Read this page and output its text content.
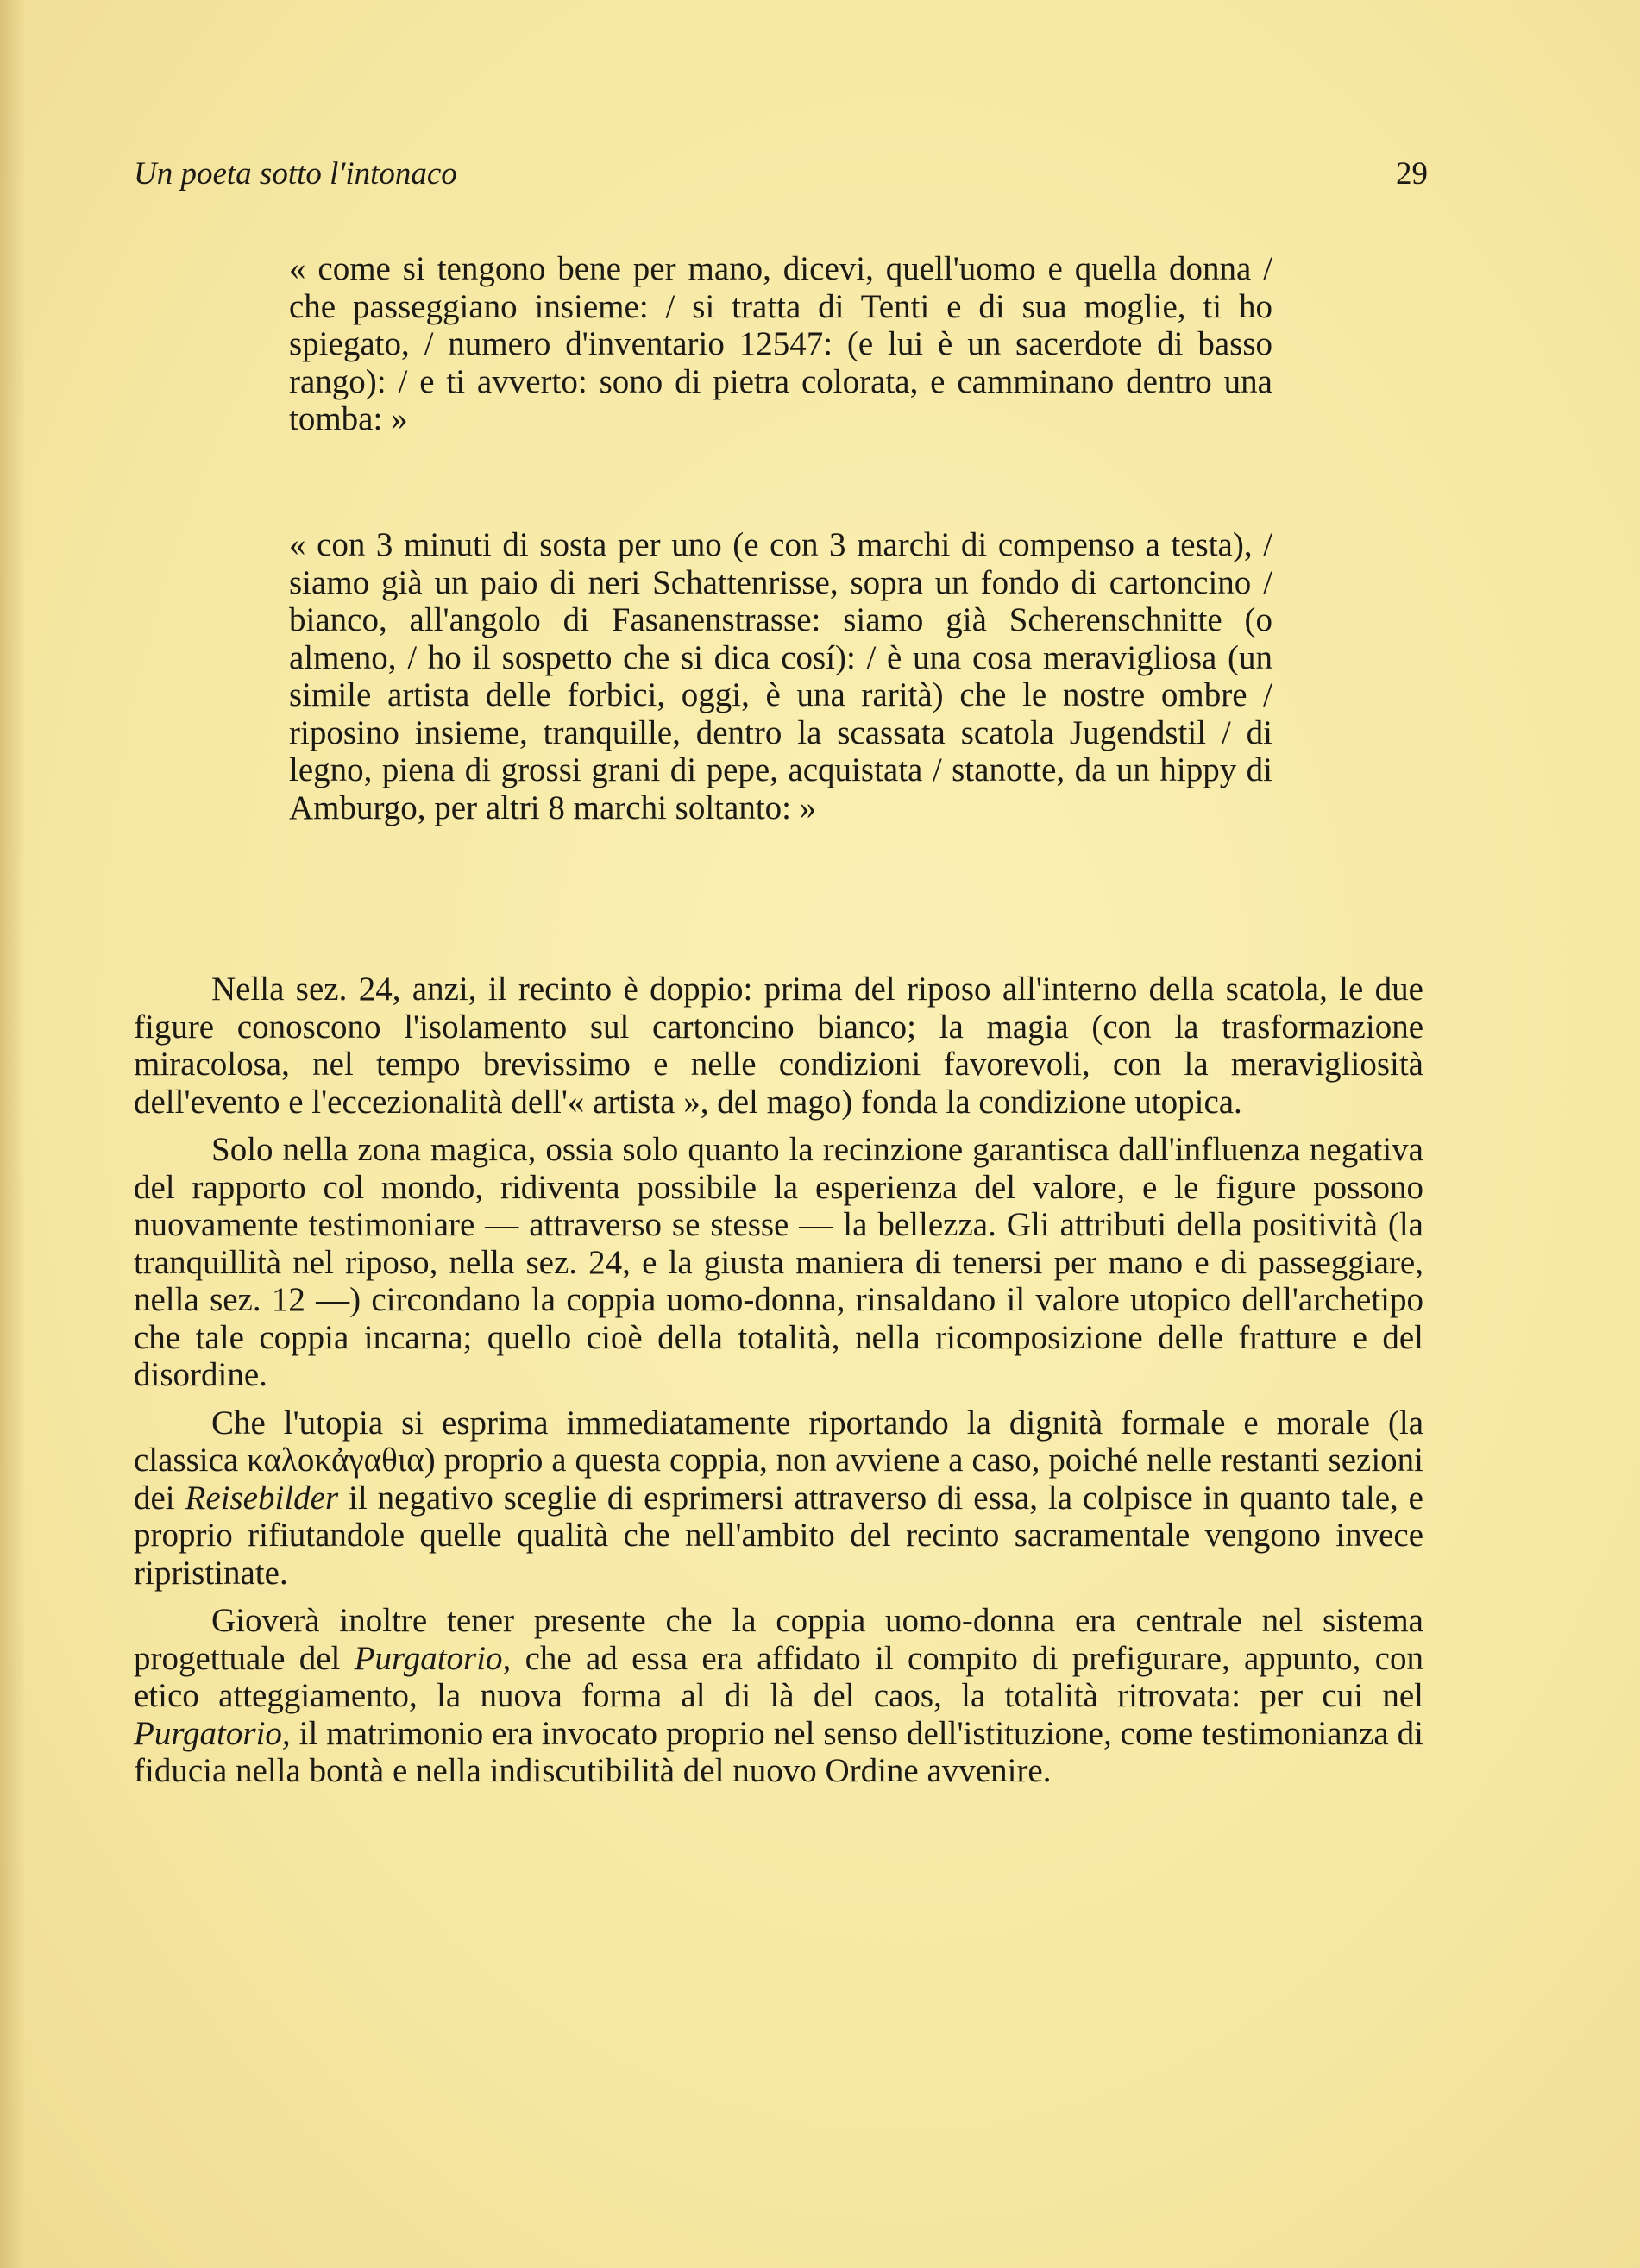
Un poeta sotto l'intonaco	29

« come si tengono bene per mano, dicevi, quell'uomo e quella donna / che passeggiano insieme: / si tratta di Tenti e di sua moglie, ti ho spiegato, / numero d'inventario 12547: (e lui è un sacerdote di basso rango): / e ti avverto: sono di pietra colorata, e camminano dentro una tomba: »

« con 3 minuti di sosta per uno (e con 3 marchi di compenso a testa), / siamo già un paio di neri Schattenrisse, sopra un fondo di cartoncino / bianco, all'angolo di Fasanenstrasse: siamo già Scherenschnitte (o almeno, / ho il sospetto che si dica cosí): / è una cosa meravigliosa (un simile artista delle forbici, oggi, è una rarità) che le nostre ombre / riposino insieme, tranquille, dentro la scassata scatola Jugendstil / di legno, piena di grossi grani di pepe, acquistata / stanotte, da un hippy di Amburgo, per altri 8 marchi soltanto: »

Nella sez. 24, anzi, il recinto è doppio: prima del riposo all'interno della scatola, le due figure conoscono l'isolamento sul cartoncino bianco; la magia (con la trasformazione miracolosa, nel tempo brevissimo e nelle condizioni favorevoli, con la meravigliosità dell'evento e l'eccezionalità dell'« artista », del mago) fonda la condizione utopica.

Solo nella zona magica, ossia solo quanto la recinzione garantisca dall'influenza negativa del rapporto col mondo, ridiventa possibile la esperienza del valore, e le figure possono nuovamente testimoniare — attraverso se stesse — la bellezza. Gli attributi della positività (la tranquillità nel riposo, nella sez. 24, e la giusta maniera di tenersi per mano e di passeggiare, nella sez. 12 —) circondano la coppia uomo-donna, rinsaldano il valore utopico dell'archetipo che tale coppia incarna; quello cioè della totalità, nella ricomposizione delle fratture e del disordine.

Che l'utopia si esprima immediatamente riportando la dignità formale e morale (la classica καλοκἀγαθια) proprio a questa coppia, non avviene a caso, poiché nelle restanti sezioni dei Reisebilder il negativo sceglie di esprimersi attraverso di essa, la colpisce in quanto tale, e proprio rifiutandole quelle qualità che nell'ambito del recinto sacramentale vengono invece ripristinate.

Gioverà inoltre tener presente che la coppia uomo-donna era centrale nel sistema progettuale del Purgatorio, che ad essa era affidato il compito di prefigurare, appunto, con etico atteggiamento, la nuova forma al di là del caos, la totalità ritrovata: per cui nel Purgatorio, il matrimonio era invocato proprio nel senso dell'istituzione, come testimonianza di fiducia nella bontà e nella indiscutibilità del nuovo Ordine avvenire.
